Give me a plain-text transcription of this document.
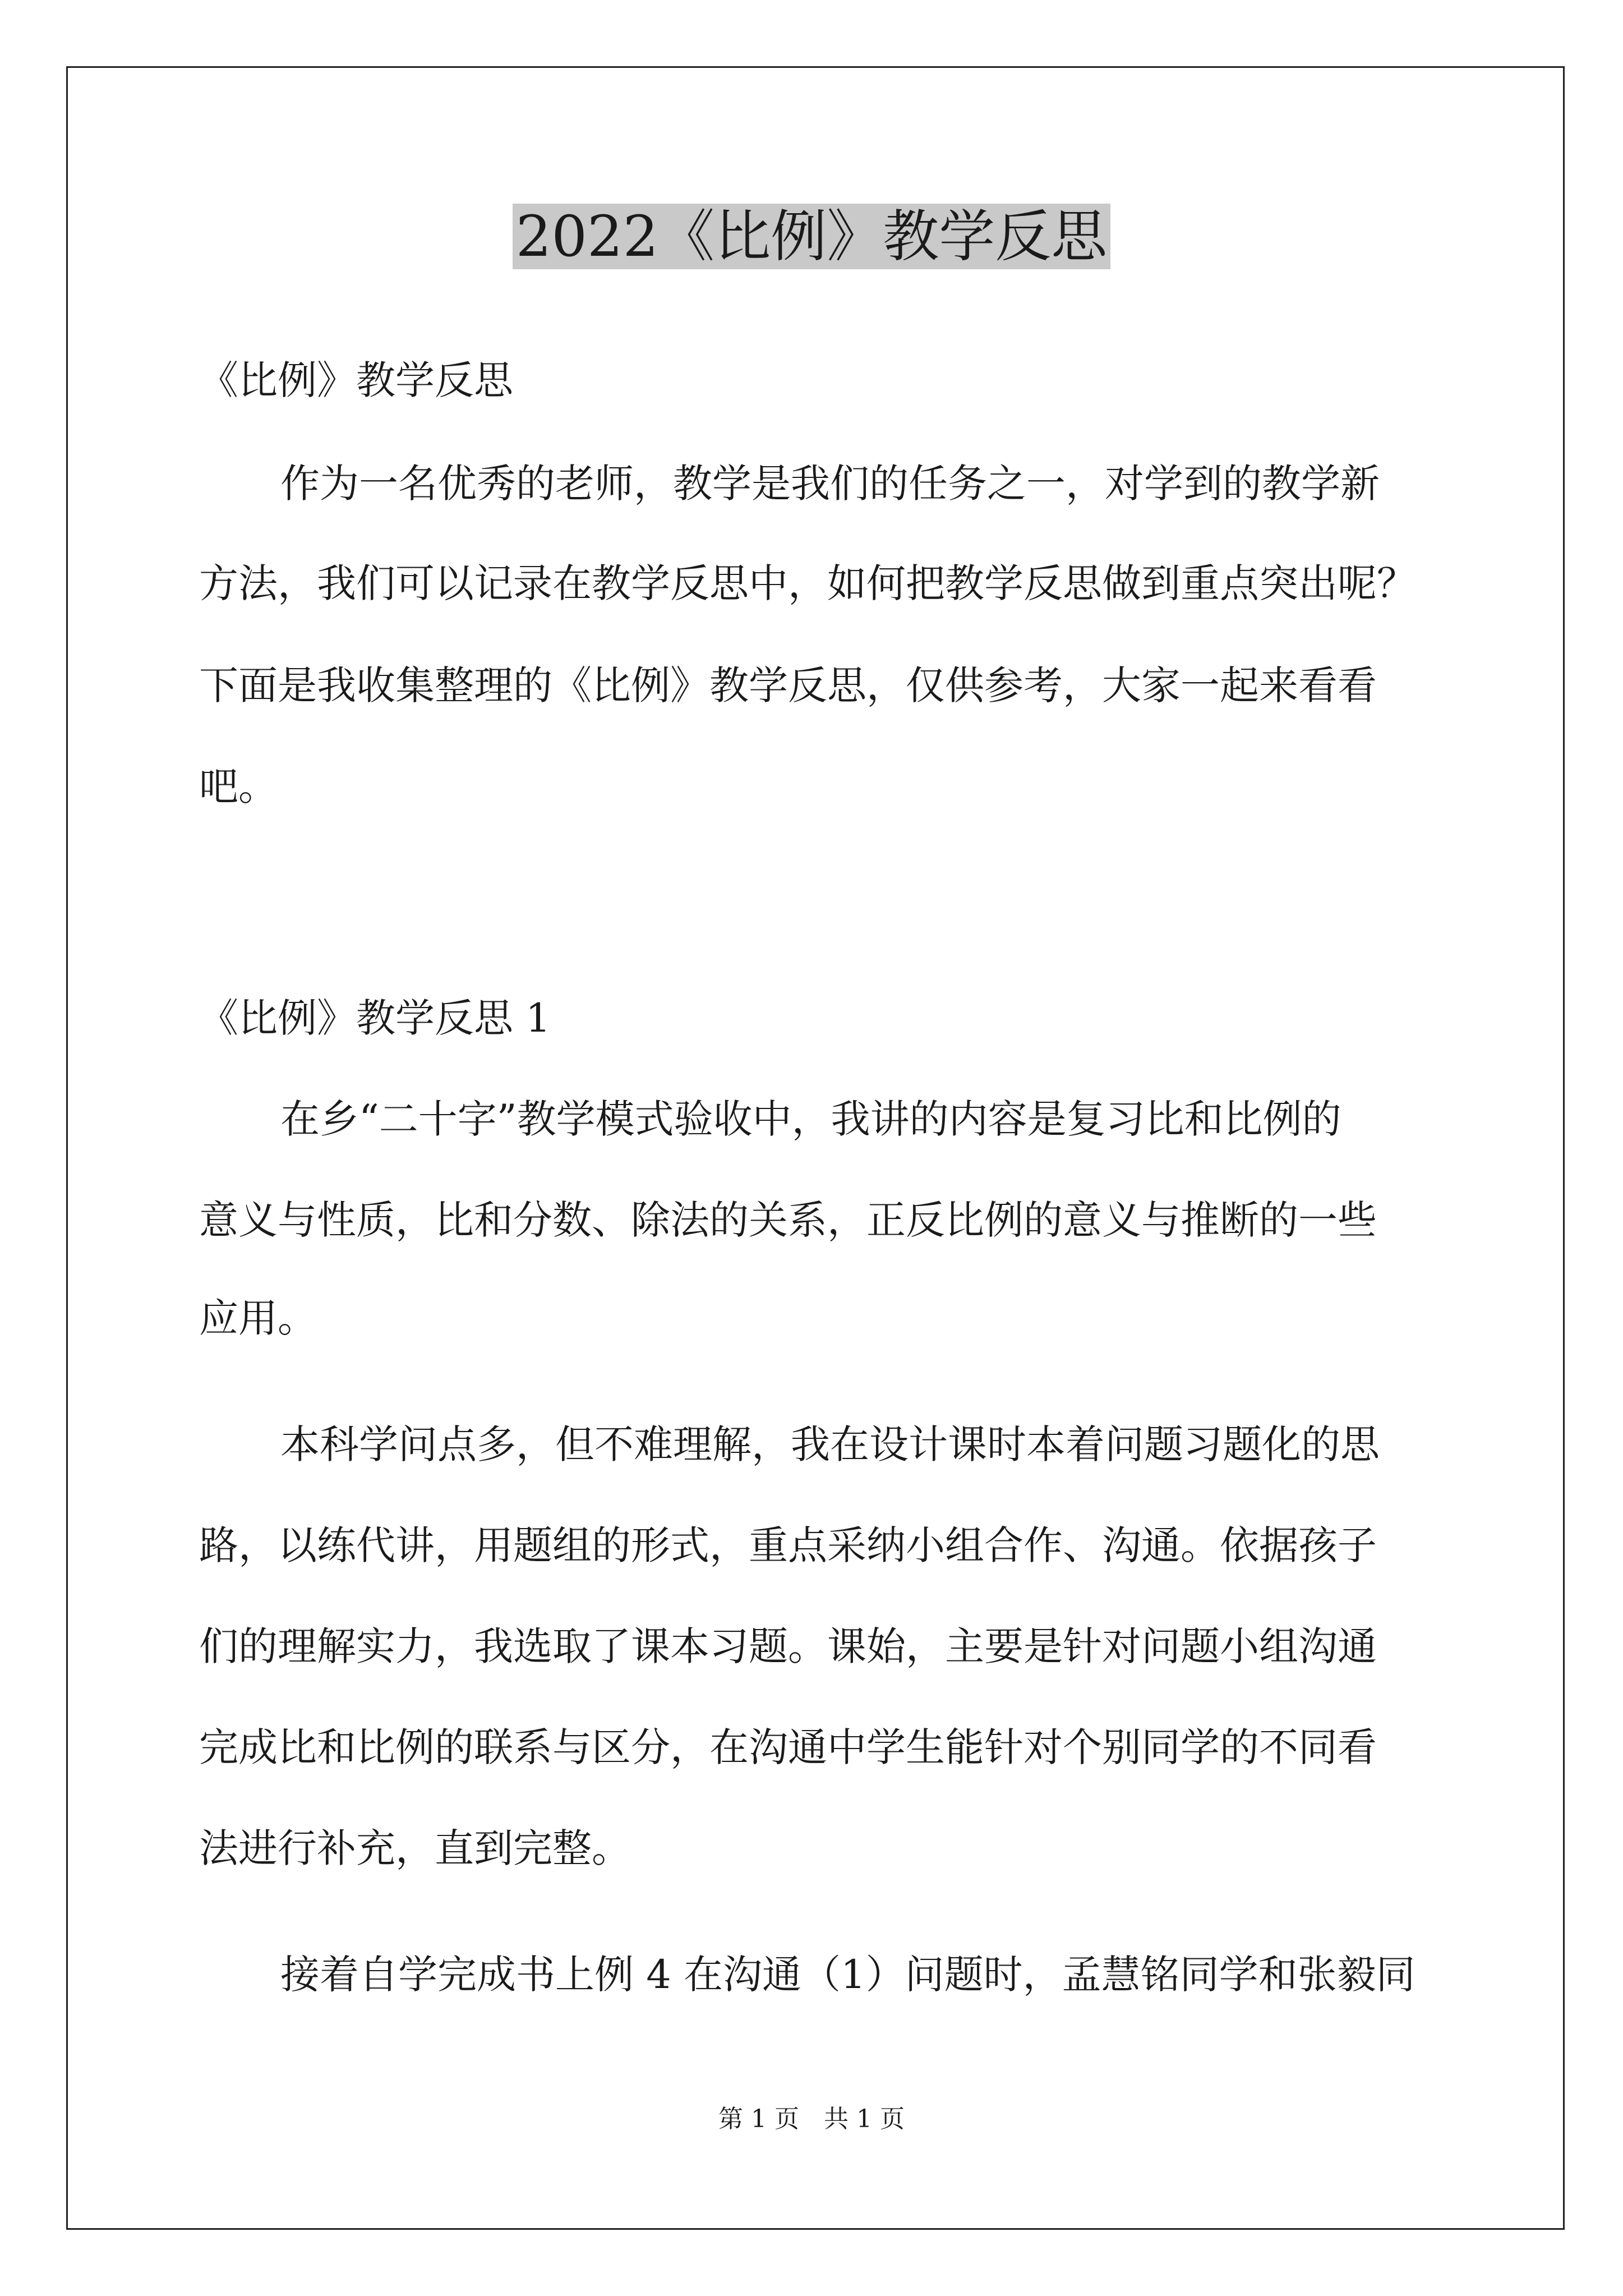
2022《比例》教学反思
《比例》教学反思
作为一名优秀的老师，教学是我们的任务之一，对学到的教学新
方法，我们可以记录在教学反思中，如何把教学反思做到重点突出呢？
下面是我收集整理的《比例》教学反思，仅供参考，大家一起来看看
吧。
《比例》教学反思 1
在乡“二十字”教学模式验收中，我讲的内容是复习比和比例的
意义与性质，比和分数、除法的关系，正反比例的意义与推断的一些
应用。
本科学问点多，但不难理解，我在设计课时本着问题习题化的思
路，以练代讲，用题组的形式，重点采纳小组合作、沟通。依据孩子
们的理解实力，我选取了课本习题。课始，主要是针对问题小组沟通
完成比和比例的联系与区分，在沟通中学生能针对个别同学的不同看
法进行补充，直到完整。
接着自学完成书上例 4 在沟通（1）问题时，孟慧铭同学和张毅同
第 1 页　共 1 页
